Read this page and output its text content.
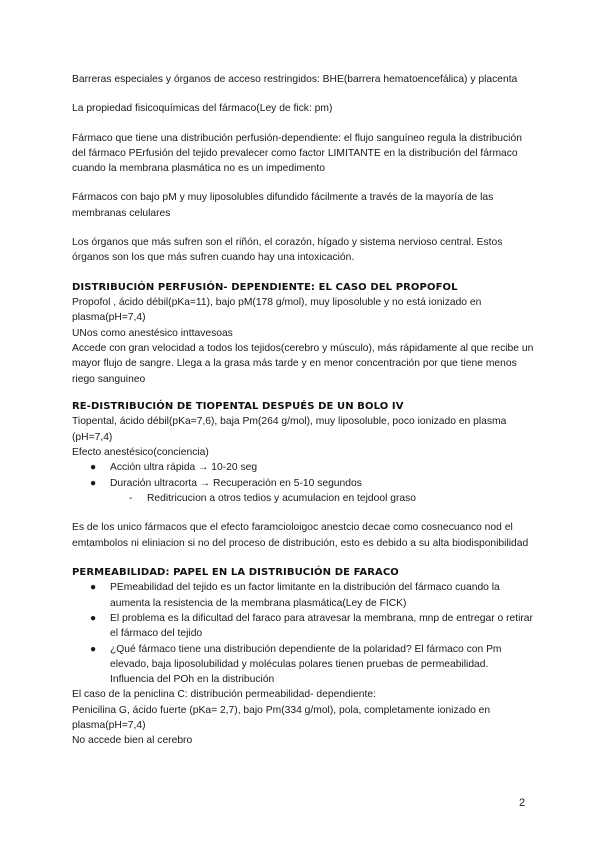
Barreras especiales y órganos de acceso restringidos: BHE(barrera hematoencefálica) y placenta

La propiedad fisicoquímicas del fármaco(Ley de fick: pm)

Fármaco que tiene una distribución perfusión-dependiente: el flujo sanguíneo regula la distribución del fármaco PErfusión del tejido prevalecer como factor LIMITANTE en la distribución del fármaco cuando la membrana plasmática no es un impedimento

Fármacos con bajo pM y muy liposolubles difundido fácilmente a través de la mayoría de las membranas celulares

Los órganos que más sufren son el riñón, el corazón, hígado y sistema nervioso central. Estos órganos son los que más sufren cuando hay una intoxicación.

DISTRIBUCIÓN PERFUSIÓN- DEPENDIENTE: EL CASO DEL PROPOFOL

Propofol , ácido débil(pKa=11), bajo pM(178 g/mol), muy liposoluble y no está ionizado en plasma(pH=7,4)

UNos como anestésico inttavesoas

Accede con gran velocidad a todos los tejidos(cerebro y músculo), más rápidamente al que recibe un mayor flujo de sangre. Llega a la grasa más tarde y en menor concentración por que tiene menos riego sanguineo

RE-DISTRIBUCIÓN DE TIOPENTAL DESPUÉS DE UN BOLO IV

Tiopental, ácido débil(pKa=7,6), baja Pm(264 g/mol), muy liposoluble, poco ionizado en plasma (pH=7,4)

Efecto anestésico(conciencia)

● Acción ultra rápida → 10-20 seg
● Duración ultracorta → Recuperación en 5-10 segundos
- Reditricucion a otros tedios y acumulacion en tejdool graso

Es de los unico fármacos que el efecto faramcioloigoc anestcio decae como cosnecuanco nod el emtambolos ni eliniacion si no del proceso de distribución, esto es debido a su alta biodisponibilidad

PERMEABILIDAD: PAPEL EN LA DISTRIBUCIÓN DE FARACO

● PEmeabilidad del tejido es un factor limitante en la distribución del fármaco cuando la aumenta la resistencia de la membrana plasmática(Ley de FICK)
● El problema es la dificultad del faraco para atravesar la membrana, mnp de entregar o retirar el fármaco del tejido
● ¿Qué fármaco tiene una distribución dependiente de la polaridad? El fármaco con Pm elevado, baja liposolubilidad y moléculas polares tienen pruebas de permeabilidad. Influencia del POh en la distribución

El caso de la peniclina C: distribución permeabilidad- dependiente:

Penicilina G, ácido fuerte (pKa= 2,7), bajo Pm(334 g/mol), pola, completamente ionizado en plasma(pH=7,4)

No accede bien al cerebro

2
